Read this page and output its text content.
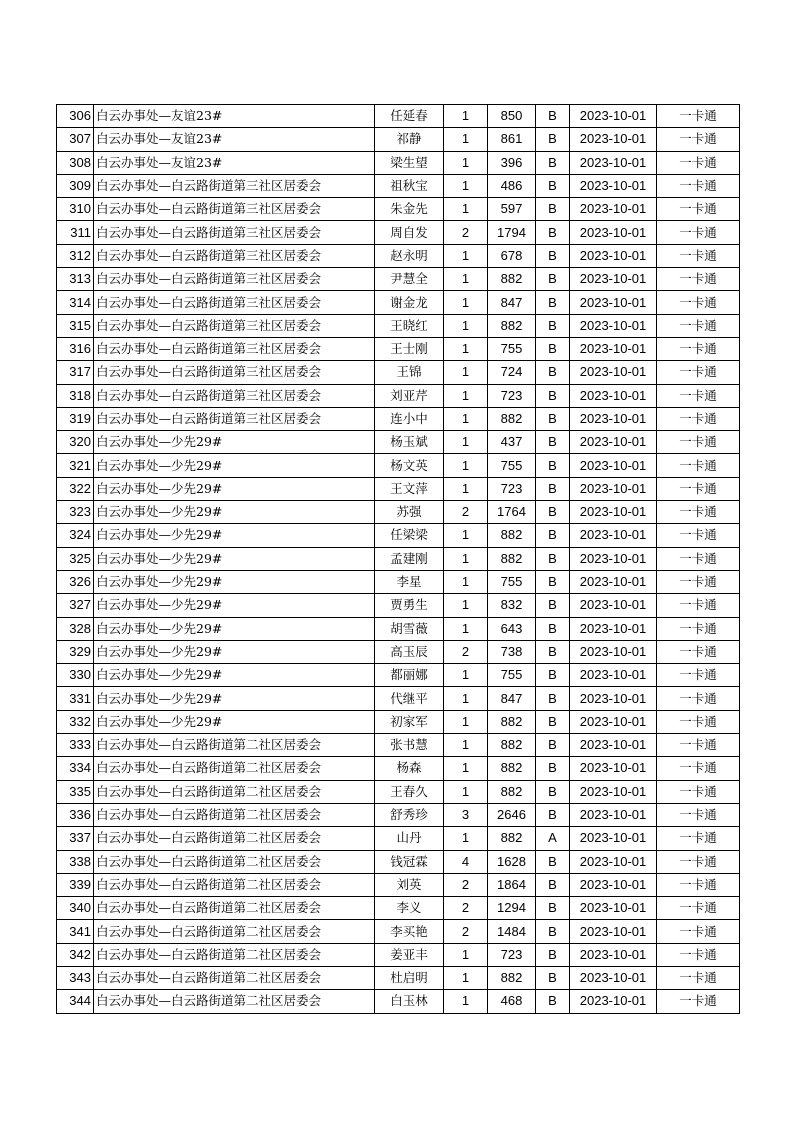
306	白云办事处—友谊23#	任延春	1	850	B	2023-10-01	一卡通
307	白云办事处—友谊23#	祁静	1	861	B	2023-10-01	一卡通
308	白云办事处—友谊23#	梁生望	1	396	B	2023-10-01	一卡通
309	白云办事处—白云路街道第三社区居委会	祖秋宝	1	486	B	2023-10-01	一卡通
310	白云办事处—白云路街道第三社区居委会	朱金先	1	597	B	2023-10-01	一卡通
311	白云办事处—白云路街道第三社区居委会	周自发	2	1794	B	2023-10-01	一卡通
312	白云办事处—白云路街道第三社区居委会	赵永明	1	678	B	2023-10-01	一卡通
313	白云办事处—白云路街道第三社区居委会	尹慧全	1	882	B	2023-10-01	一卡通
314	白云办事处—白云路街道第三社区居委会	谢金龙	1	847	B	2023-10-01	一卡通
315	白云办事处—白云路街道第三社区居委会	王晓红	1	882	B	2023-10-01	一卡通
316	白云办事处—白云路街道第三社区居委会	王士刚	1	755	B	2023-10-01	一卡通
317	白云办事处—白云路街道第三社区居委会	王锦	1	724	B	2023-10-01	一卡通
318	白云办事处—白云路街道第三社区居委会	刘亚芹	1	723	B	2023-10-01	一卡通
319	白云办事处—白云路街道第三社区居委会	连小中	1	882	B	2023-10-01	一卡通
320	白云办事处—少先29#	杨玉斌	1	437	B	2023-10-01	一卡通
321	白云办事处—少先29#	杨文英	1	755	B	2023-10-01	一卡通
322	白云办事处—少先29#	王文萍	1	723	B	2023-10-01	一卡通
323	白云办事处—少先29#	苏强	2	1764	B	2023-10-01	一卡通
324	白云办事处—少先29#	任梁梁	1	882	B	2023-10-01	一卡通
325	白云办事处—少先29#	孟建刚	1	882	B	2023-10-01	一卡通
326	白云办事处—少先29#	李星	1	755	B	2023-10-01	一卡通
327	白云办事处—少先29#	贾勇生	1	832	B	2023-10-01	一卡通
328	白云办事处—少先29#	胡雪薇	1	643	B	2023-10-01	一卡通
329	白云办事处—少先29#	高玉辰	2	738	B	2023-10-01	一卡通
330	白云办事处—少先29#	都丽娜	1	755	B	2023-10-01	一卡通
331	白云办事处—少先29#	代继平	1	847	B	2023-10-01	一卡通
332	白云办事处—少先29#	初家军	1	882	B	2023-10-01	一卡通
333	白云办事处—白云路街道第二社区居委会	张书慧	1	882	B	2023-10-01	一卡通
334	白云办事处—白云路街道第二社区居委会	杨森	1	882	B	2023-10-01	一卡通
335	白云办事处—白云路街道第二社区居委会	王春久	1	882	B	2023-10-01	一卡通
336	白云办事处—白云路街道第二社区居委会	舒秀珍	3	2646	B	2023-10-01	一卡通
337	白云办事处—白云路街道第二社区居委会	山丹	1	882	A	2023-10-01	一卡通
338	白云办事处—白云路街道第二社区居委会	钱冠霖	4	1628	B	2023-10-01	一卡通
339	白云办事处—白云路街道第二社区居委会	刘英	2	1864	B	2023-10-01	一卡通
340	白云办事处—白云路街道第二社区居委会	李义	2	1294	B	2023-10-01	一卡通
341	白云办事处—白云路街道第二社区居委会	李买艳	2	1484	B	2023-10-01	一卡通
342	白云办事处—白云路街道第二社区居委会	姜亚丰	1	723	B	2023-10-01	一卡通
343	白云办事处—白云路街道第二社区居委会	杜启明	1	882	B	2023-10-01	一卡通
344	白云办事处—白云路街道第二社区居委会	白玉林	1	468	B	2023-10-01	一卡通
